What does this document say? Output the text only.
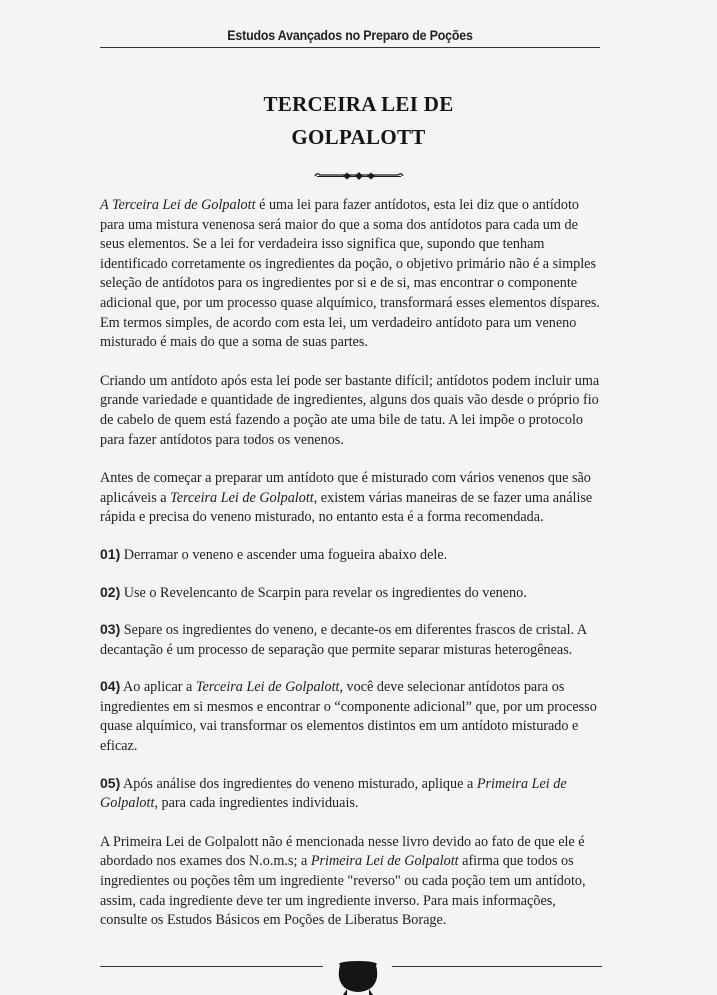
Estudos Avançados no Preparo de Poções
TERCEIRA LEI DE
GOLPALOTT

A Terceira Lei de Golpalott é uma lei para fazer antídotos, esta lei diz que o antídoto para uma mistura venenosa será maior do que a soma dos antídotos para cada um de seus elementos. Se a lei for verdadeira isso significa que, supondo que tenham identificado corretamente os ingredientes da poção, o objetivo primário não é a simples seleção de antídotos para os ingredientes por si e de si, mas encontrar o componente adicional que, por um processo quase alquímico, transformará esses elementos díspares. Em termos simples, de acordo com esta lei, um verdadeiro antídoto para um veneno misturado é mais do que a soma de suas partes.

Criando um antídoto após esta lei pode ser bastante difícil; antídotos podem incluir uma grande variedade e quantidade de ingredientes, alguns dos quais vão desde o próprio fio de cabelo de quem está fazendo a poção ate uma bile de tatu. A lei impõe o protocolo para fazer antídotos para todos os venenos.

Antes de começar a preparar um antídoto que é misturado com vários venenos que são aplicáveis a Terceira Lei de Golpalott, existem várias maneiras de se fazer uma análise rápida e precisa do veneno misturado, no entanto esta é a forma recomendada.

01) Derramar o veneno e ascender uma fogueira abaixo dele.

02) Use o Revelencanto de Scarpin para revelar os ingredientes do veneno.

03) Separe os ingredientes do veneno, e decante-os em diferentes frascos de cristal. A decantação é um processo de separação que permite separar misturas heterogêneas.

04) Ao aplicar a Terceira Lei de Golpalott, você deve selecionar antídotos para os ingredientes em si mesmos e encontrar o “componente adicional” que, por um processo quase alquímico, vai transformar os elementos distintos em um antídoto misturado e eficaz.

05) Após análise dos ingredientes do veneno misturado, aplique a Primeira Lei de Golpalott, para cada ingredientes individuais.

A Primeira Lei de Golpalott não é mencionada nesse livro devido ao fato de que ele é abordado nos exames dos N.o.m.s; a Primeira Lei de Golpalott afirma que todos os ingredientes ou poções têm um ingrediente "reverso" ou cada poção tem um antídoto, assim, cada ingrediente deve ter um ingrediente inverso. Para mais informações, consulte os Estudos Básicos em Poções de Liberatus Borage.
